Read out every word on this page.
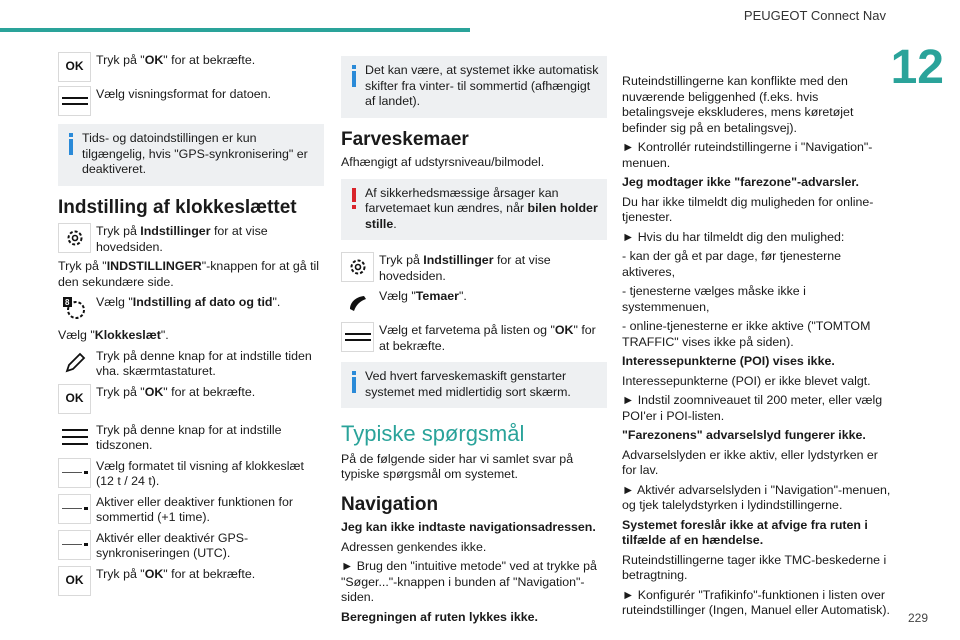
PEUGEOT Connect Nav
12
229
OK	Tryk på "OK" for at bekræfte.
Vælg visningsformat for datoen.
Tids- og datoindstillingen er kun tilgængelig, hvis "GPS-synkronisering" er deaktiveret.
Indstilling af klokkeslættet
Tryk på Indstillinger for at vise hovedsiden.

Tryk på "INDSTILLINGER"-knappen for at gå til den sekundære side.

8 Vælg "Indstilling af dato og tid".

Vælg "Klokkeslæt".

Tryk på denne knap for at indstille tiden vha. skærmtastaturet.
OK	Tryk på "OK" for at bekræfte.
Tryk på denne knap for at indstille tidszonen.
Vælg formatet til visning af klokkeslæt (12 t / 24 t).
Aktiver eller deaktiver funktionen for sommertid (+1 time).
Aktivér eller deaktivér GPS-synkroniseringen (UTC).
OK	Tryk på "OK" for at bekræfte.
Det kan være, at systemet ikke automatisk skifter fra vinter- til sommertid (afhængigt af landet).
Farveskemaer

Afhængigt af udstyrsniveau/bilmodel.

Af sikkerhedsmæssige årsager kan farvetemaet kun ændres, når bilen holder stille.
Tryk på Indstillinger for at vise hovedsiden.
Vælg "Temaer".
Vælg et farvetema på listen og "OK" for at bekræfte.
Ved hvert farveskemaskift genstarter systemet med midlertidig sort skærm.
Typiske spørgsmål

På de følgende sider har vi samlet svar på typiske spørgsmål om systemet.

Navigation

Jeg kan ikke indtaste navigationsadressen.

Adressen genkendes ikke.

► Brug den "intuitive metode" ved at trykke på "Søger..."-knappen i bunden af "Navigation"-siden.

Beregningen af ruten lykkes ikke.

Ruteindstillingerne kan konflikte med den nuværende beliggenhed (f.eks. hvis betalingsveje ekskluderes, mens køretøjet befinder sig på en betalingsvej).

► Kontrollér ruteindstillingerne i "Navigation"-menuen.

Jeg modtager ikke "farezone"-advarsler.

Du har ikke tilmeldt dig muligheden for online-tjenester.

► Hvis du har tilmeldt dig den mulighed:

- kan der gå et par dage, før tjenesterne aktiveres,

- tjenesterne vælges måske ikke i systemmenuen,

- online-tjenesterne er ikke aktive ("TOMTOM TRAFFIC" vises ikke på siden).

Interessepunkterne (POI) vises ikke.

Interessepunkterne (POI) er ikke blevet valgt.

► Indstil zoomniveauet til 200 meter, eller vælg POI'er i POI-listen.

"Farezonens" advarselslyd fungerer ikke.

Advarselslyden er ikke aktiv, eller lydstyrken er for lav.

► Aktivér advarselslyden i "Navigation"-menuen, og tjek talelydstyrken i lydindstillingerne.

Systemet foreslår ikke at afvige fra ruten i tilfælde af en hændelse.

Ruteindstillingerne tager ikke TMC-beskederne i betragtning.

► Konfigurér "Trafikinfo"-funktionen i listen over ruteindstillinger (Ingen, Manuel eller Automatisk).
